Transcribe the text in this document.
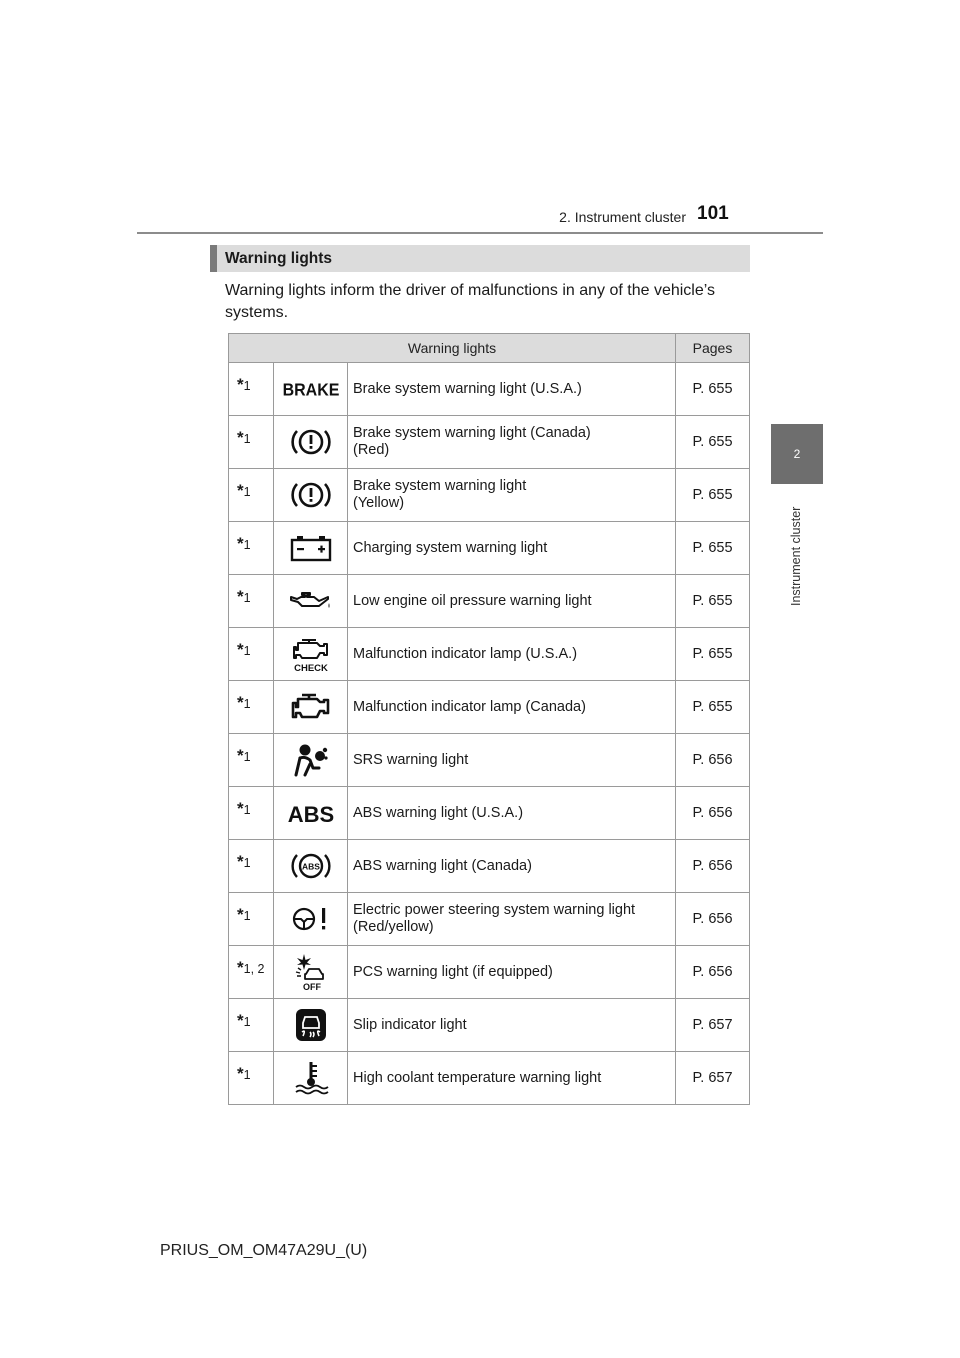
2. Instrument cluster 101
2
Instrument cluster
Warning lights
Warning lights inform the driver of malfunctions in any of the vehicle’s systems.
Warning lights			Pages

*1	BRAKE	Brake system warning light (U.S.A.)	P. 655

*1		Brake system warning light (Canada)
(Red)	P. 655

*1		Brake system warning light
(Yellow)	P. 655

*1		Charging system warning light	P. 655

*1		Low engine oil pressure warning light	P. 655

*1	CHECK	Malfunction indicator lamp (U.S.A.)	P. 655

*1		Malfunction indicator lamp (Canada)	P. 655

*1		SRS warning light	P. 656

*1	ABS	ABS warning light (U.S.A.)	P. 656

*1	ABS	ABS warning light (Canada)	P. 656

*1		Electric power steering system warning light
(Red/yellow)	P. 656

*1, 2	OFF	PCS warning light (if equipped)	P. 656

*1		Slip indicator light	P. 657

*1		High coolant temperature warning light	P. 657
PRIUS_OM_OM47A29U_(U)
